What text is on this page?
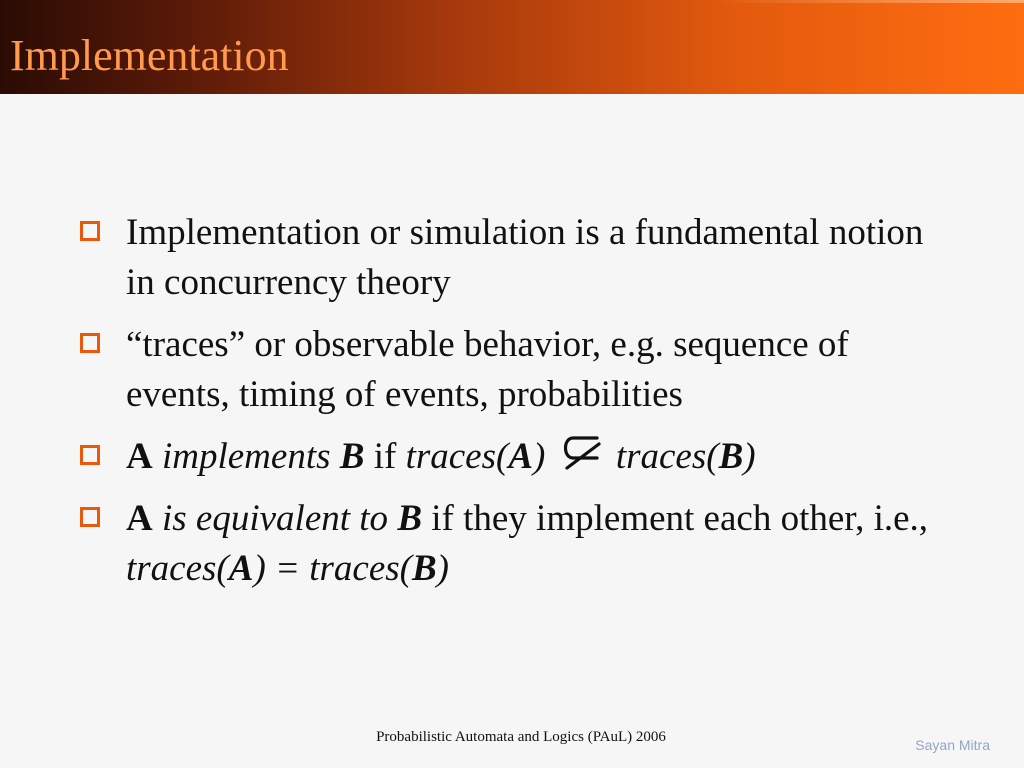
Implementation
Implementation or simulation is a fundamental notion in concurrency theory
“traces” or observable behavior, e.g. sequence of events, timing of events, probabilities
A implements B if traces(A) traces(B)
A is equivalent to B if they implement each other, i.e., traces(A) = traces(B)
Probabilistic Automata and Logics (PAuL) 2006	Sayan Mitra
